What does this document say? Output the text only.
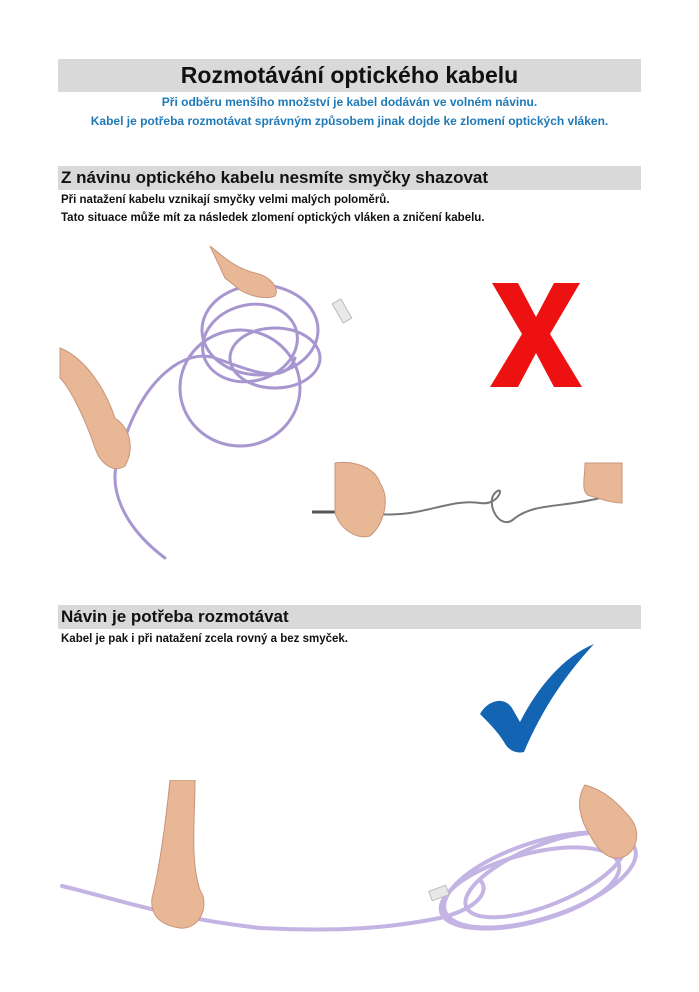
Rozmotávání optického kabelu
Při odběru menšího množství je kabel dodáván ve volném návinu.
Kabel je potřeba rozmotávat správným způsobem jinak dojde ke zlomení optických vláken.
Z návinu optického kabelu nesmíte smyčky shazovat
Při natažení kabelu vznikají smyčky velmi malých poloměrů.
Tato situace může mít za následek zlomení optických vláken a zničení kabelu.
Návin je potřeba rozmotávat
Kabel je pak i při natažení zcela rovný a bez smyček.
